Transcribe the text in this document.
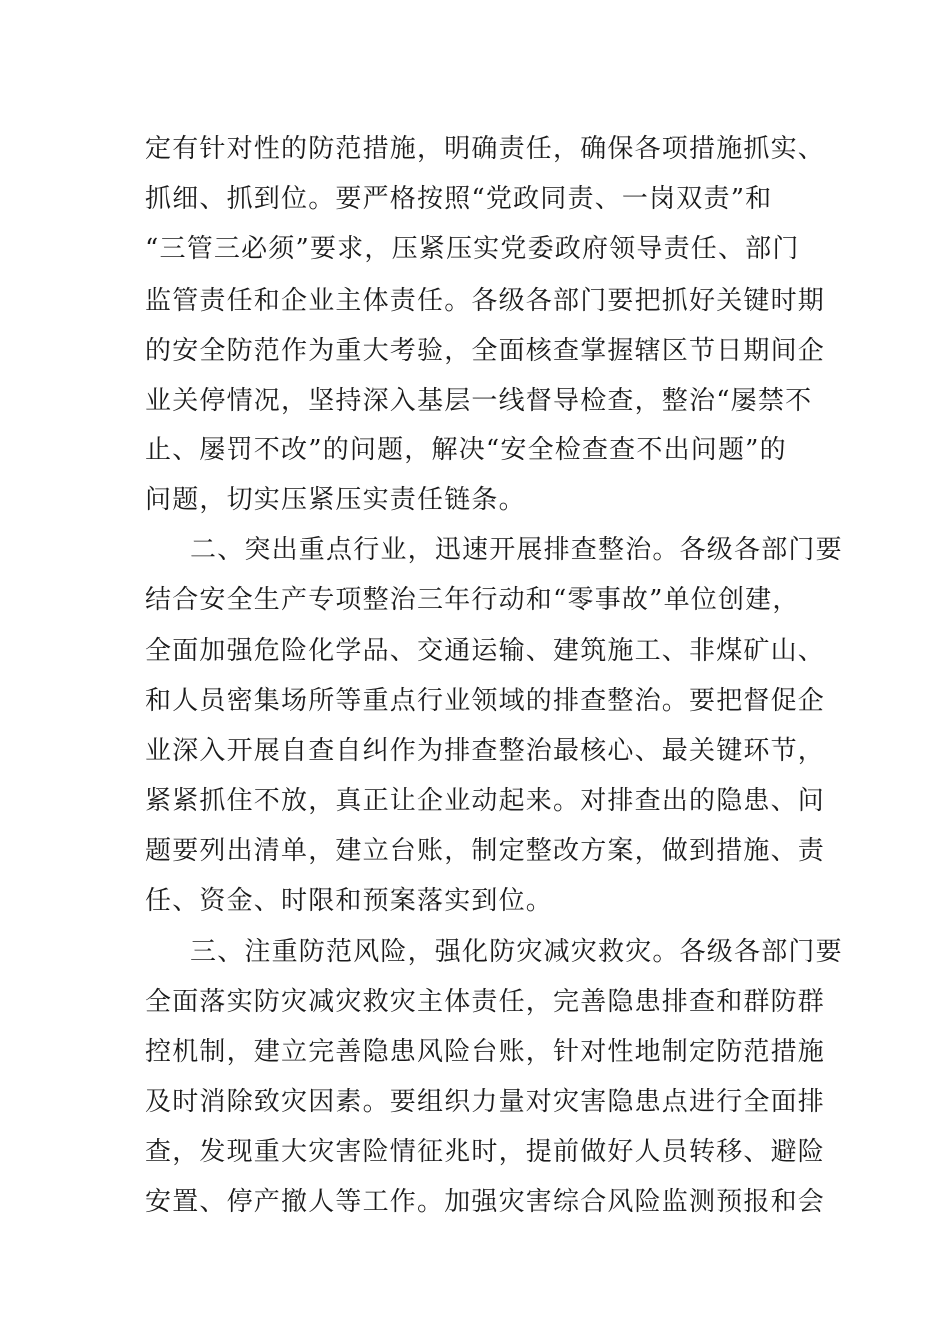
定有针对性的防范措施，明确责任，确保各项措施抓实、
抓细、抓到位。要严格按照“党政同责、一岗双责”和
“三管三必须”要求，压紧压实党委政府领导责任、部门
监管责任和企业主体责任。各级各部门要把抓好关键时期
的安全防范作为重大考验，全面核查掌握辖区节日期间企
业关停情况，坚持深入基层一线督导检查，整治“屡禁不
止、屡罚不改”的问题，解决“安全检查查不出问题”的
问题，切实压紧压实责任链条。
二、突出重点行业，迅速开展排查整治。各级各部门要
结合安全生产专项整治三年行动和“零事故”单位创建，
全面加强危险化学品、交通运输、建筑施工、非煤矿山、
和人员密集场所等重点行业领域的排查整治。要把督促企
业深入开展自查自纠作为排查整治最核心、最关键环节，
紧紧抓住不放，真正让企业动起来。对排查出的隐患、问
题要列出清单，建立台账，制定整改方案，做到措施、责
任、资金、时限和预案落实到位。
三、注重防范风险，强化防灾减灾救灾。各级各部门要
全面落实防灾减灾救灾主体责任，完善隐患排查和群防群
控机制，建立完善隐患风险台账，针对性地制定防范措施
及时消除致灾因素。要组织力量对灾害隐患点进行全面排
查，发现重大灾害险情征兆时，提前做好人员转移、避险
安置、停产撤人等工作。加强灾害综合风险监测预报和会
